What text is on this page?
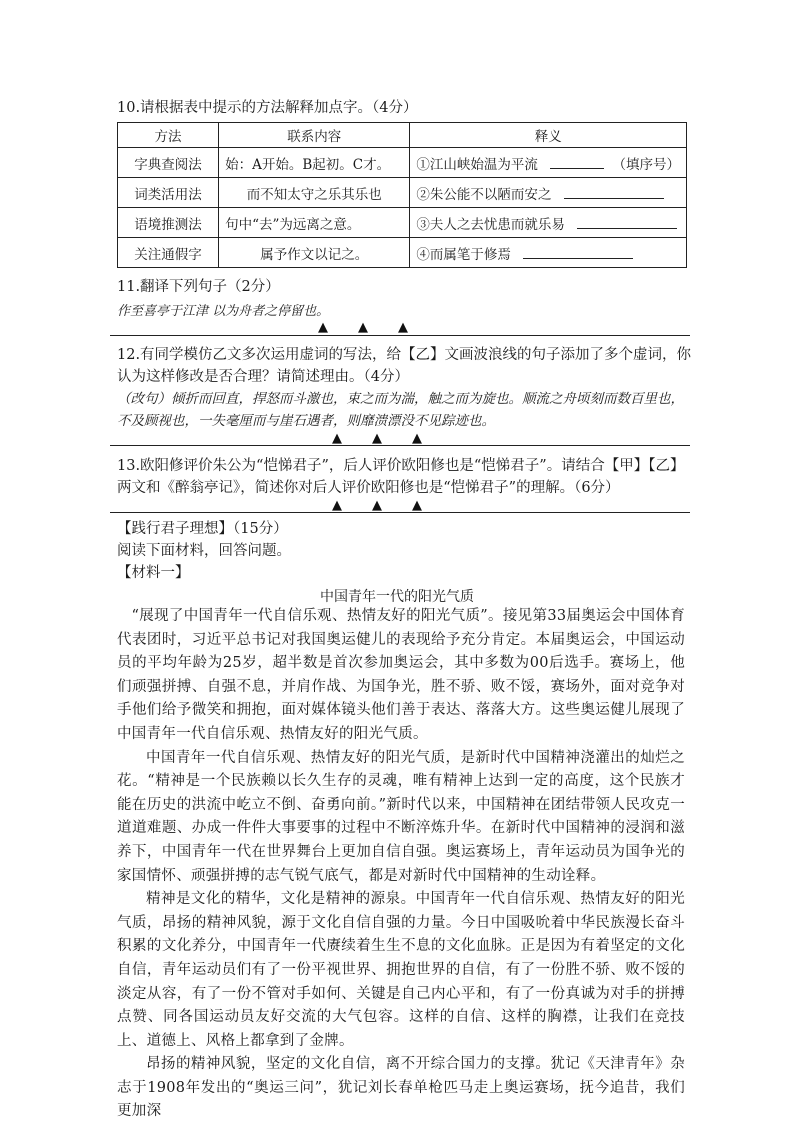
10.请根据表中提示的方法解释加点字。（4分）
方法	联系内容	释义
字典查阅法	始：A开始。B起初。C才。	①江山峡始温为平流 （填序号）
词类活用法	而不知太守之乐其乐也	②朱公能不以陋而安之
语境推测法	句中“去”为远离之意。	③夫人之去忧患而就乐易
关注通假字	属予作文以记之。	④而属笔于修焉
11.翻译下列句子（2分）
作至喜亭于江津 以为舟者之停留也。
▲ ▲ ▲
12.有同学模仿乙文多次运用虚词的写法，给【乙】文画波浪线的句子添加了多个虚词，你认为这样修改是否合理？请简述理由。（4分）
（改句）倾折而回直，捍怒而斗激也，束之而为湍，触之而为旋也。顺流之舟顷刻而数百里也，不及顾视也，一失毫厘而与崖石遇者，则靡溃漂没不见踪迹也。
▲ ▲ ▲
13.欧阳修评价朱公为“恺悌君子”，后人评价欧阳修也是“恺悌君子”。请结合【甲】【乙】两文和《醉翁亭记》，简述你对后人评价欧阳修也是“恺悌君子”的理解。（6分）
▲ ▲ ▲
【践行君子理想】（15分）
阅读下面材料，回答问题。
【材料一】
中国青年一代的阳光气质

“展现了中国青年一代自信乐观、热情友好的阳光气质”。接见第33届奥运会中国体育代表团时，习近平总书记对我国奥运健儿的表现给予充分肯定。本届奥运会，中国运动员的平均年龄为25岁，超半数是首次参加奥运会，其中多数为00后选手。赛场上，他们顽强拼搏、自强不息，并肩作战、为国争光，胜不骄、败不馁，赛场外，面对竞争对手他们给予微笑和拥抱，面对媒体镜头他们善于表达、落落大方。这些奥运健儿展现了中国青年一代自信乐观、热情友好的阳光气质。

中国青年一代自信乐观、热情友好的阳光气质，是新时代中国精神浇灌出的灿烂之花。“精神是一个民族赖以长久生存的灵魂，唯有精神上达到一定的高度，这个民族才能在历史的洪流中屹立不倒、奋勇向前。”新时代以来，中国精神在团结带领人民攻克一道道难题、办成一件件大事要事的过程中不断淬炼升华。在新时代中国精神的浸润和滋养下，中国青年一代在世界舞台上更加自信自强。奥运赛场上，青年运动员为国争光的家国情怀、顽强拼搏的志气锐气底气，都是对新时代中国精神的生动诠释。

精神是文化的精华，文化是精神的源泉。中国青年一代自信乐观、热情友好的阳光气质，昂扬的精神风貌，源于文化自信自强的力量。今日中国吸吮着中华民族漫长奋斗积累的文化养分，中国青年一代赓续着生生不息的文化血脉。正是因为有着坚定的文化自信，青年运动员们有了一份平视世界、拥抱世界的自信，有了一份胜不骄、败不馁的淡定从容，有了一份不管对手如何、关键是自己内心平和，有了一份真诚为对手的拼搏点赞、同各国运动员友好交流的大气包容。这样的自信、这样的胸襟，让我们在竞技上、道德上、风格上都拿到了金牌。

昂扬的精神风貌，坚定的文化自信，离不开综合国力的支撑。犹记《天津青年》杂志于1908年发出的“奥运三问”，犹记刘长春单枪匹马走上奥运赛场，抚今追昔，我们更加深
